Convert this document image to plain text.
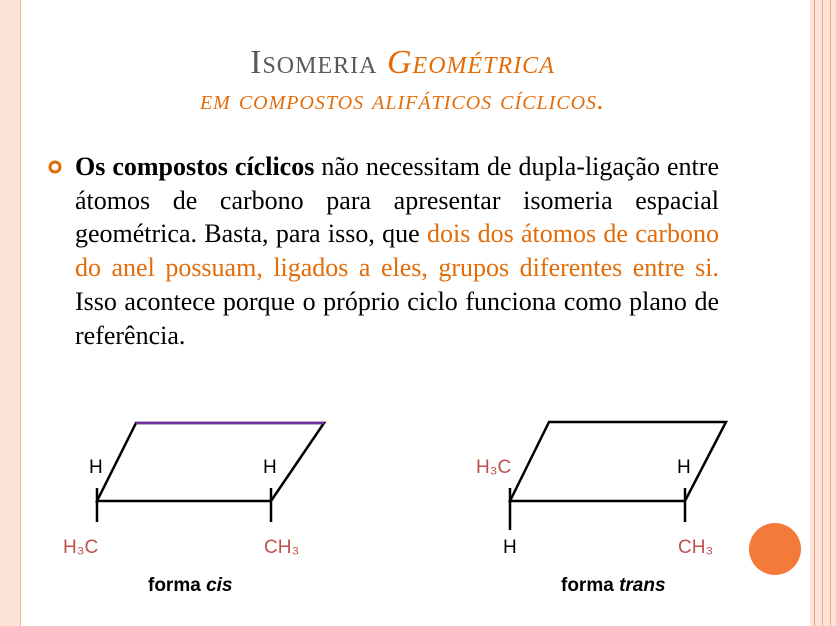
Isomeria Geométrica
em compostos alifáticos cíclicos.
Os compostos cíclicos não necessitam de dupla-ligação entre átomos de carbono para apresentar isomeria espacial geométrica. Basta, para isso, que dois dos átomos de carbono do anel possuam, ligados a eles, grupos diferentes entre si. Isso acontece porque o próprio ciclo funciona como plano de referência.
H	H
H₃C	CH₃
forma cis
H₃C	H
H	CH₃
forma trans
